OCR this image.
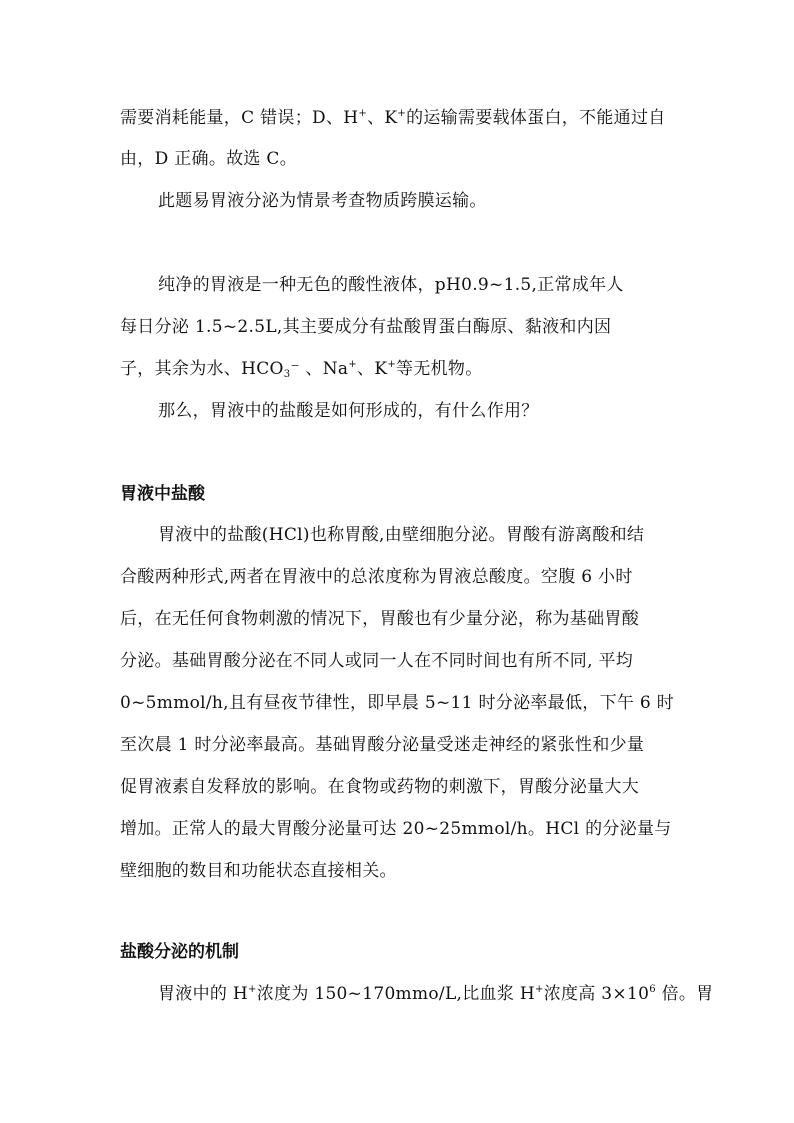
需要消耗能量，C 错误；D、H+、K+的运输需要载体蛋白，不能通过自
由，D 正确。故选 C。
此题易胃液分泌为情景考查物质跨膜运输。
纯净的胃液是一种无色的酸性液体，pH0.9~1.5,正常成年人
每日分泌 1.5~2.5L,其主要成分有盐酸胃蛋白酶原、黏液和内因
子，其余为水、$HCO_3^-$ 、Na+、K+等无机物。
那么，胃液中的盐酸是如何形成的，有什么作用？
胃液中盐酸
胃液中的盐酸(HCl)也称胃酸,由壁细胞分泌。胃酸有游离酸和结
合酸两种形式,两者在胃液中的总浓度称为胃液总酸度。空腹 6 小时
后，在无任何食物刺激的情况下，胃酸也有少量分泌，称为基础胃酸
分泌。基础胃酸分泌在不同人或同一人在不同时间也有所不同, 平均
0~5mmol/h,且有昼夜节律性，即早晨 5~11 时分泌率最低，下午 6 时
至次晨 1 时分泌率最高。基础胃酸分泌量受迷走神经的紧张性和少量
促胃液素自发释放的影响。在食物或药物的刺激下，胃酸分泌量大大
增加。正常人的最大胃酸分泌量可达 20~25mmol/h。HCl 的分泌量与
壁细胞的数目和功能状态直接相关。
盐酸分泌的机制
胃液中的 H+浓度为 150~170mmo/L,比血浆 H+浓度高 $3\times 10^6$ 倍。胃
